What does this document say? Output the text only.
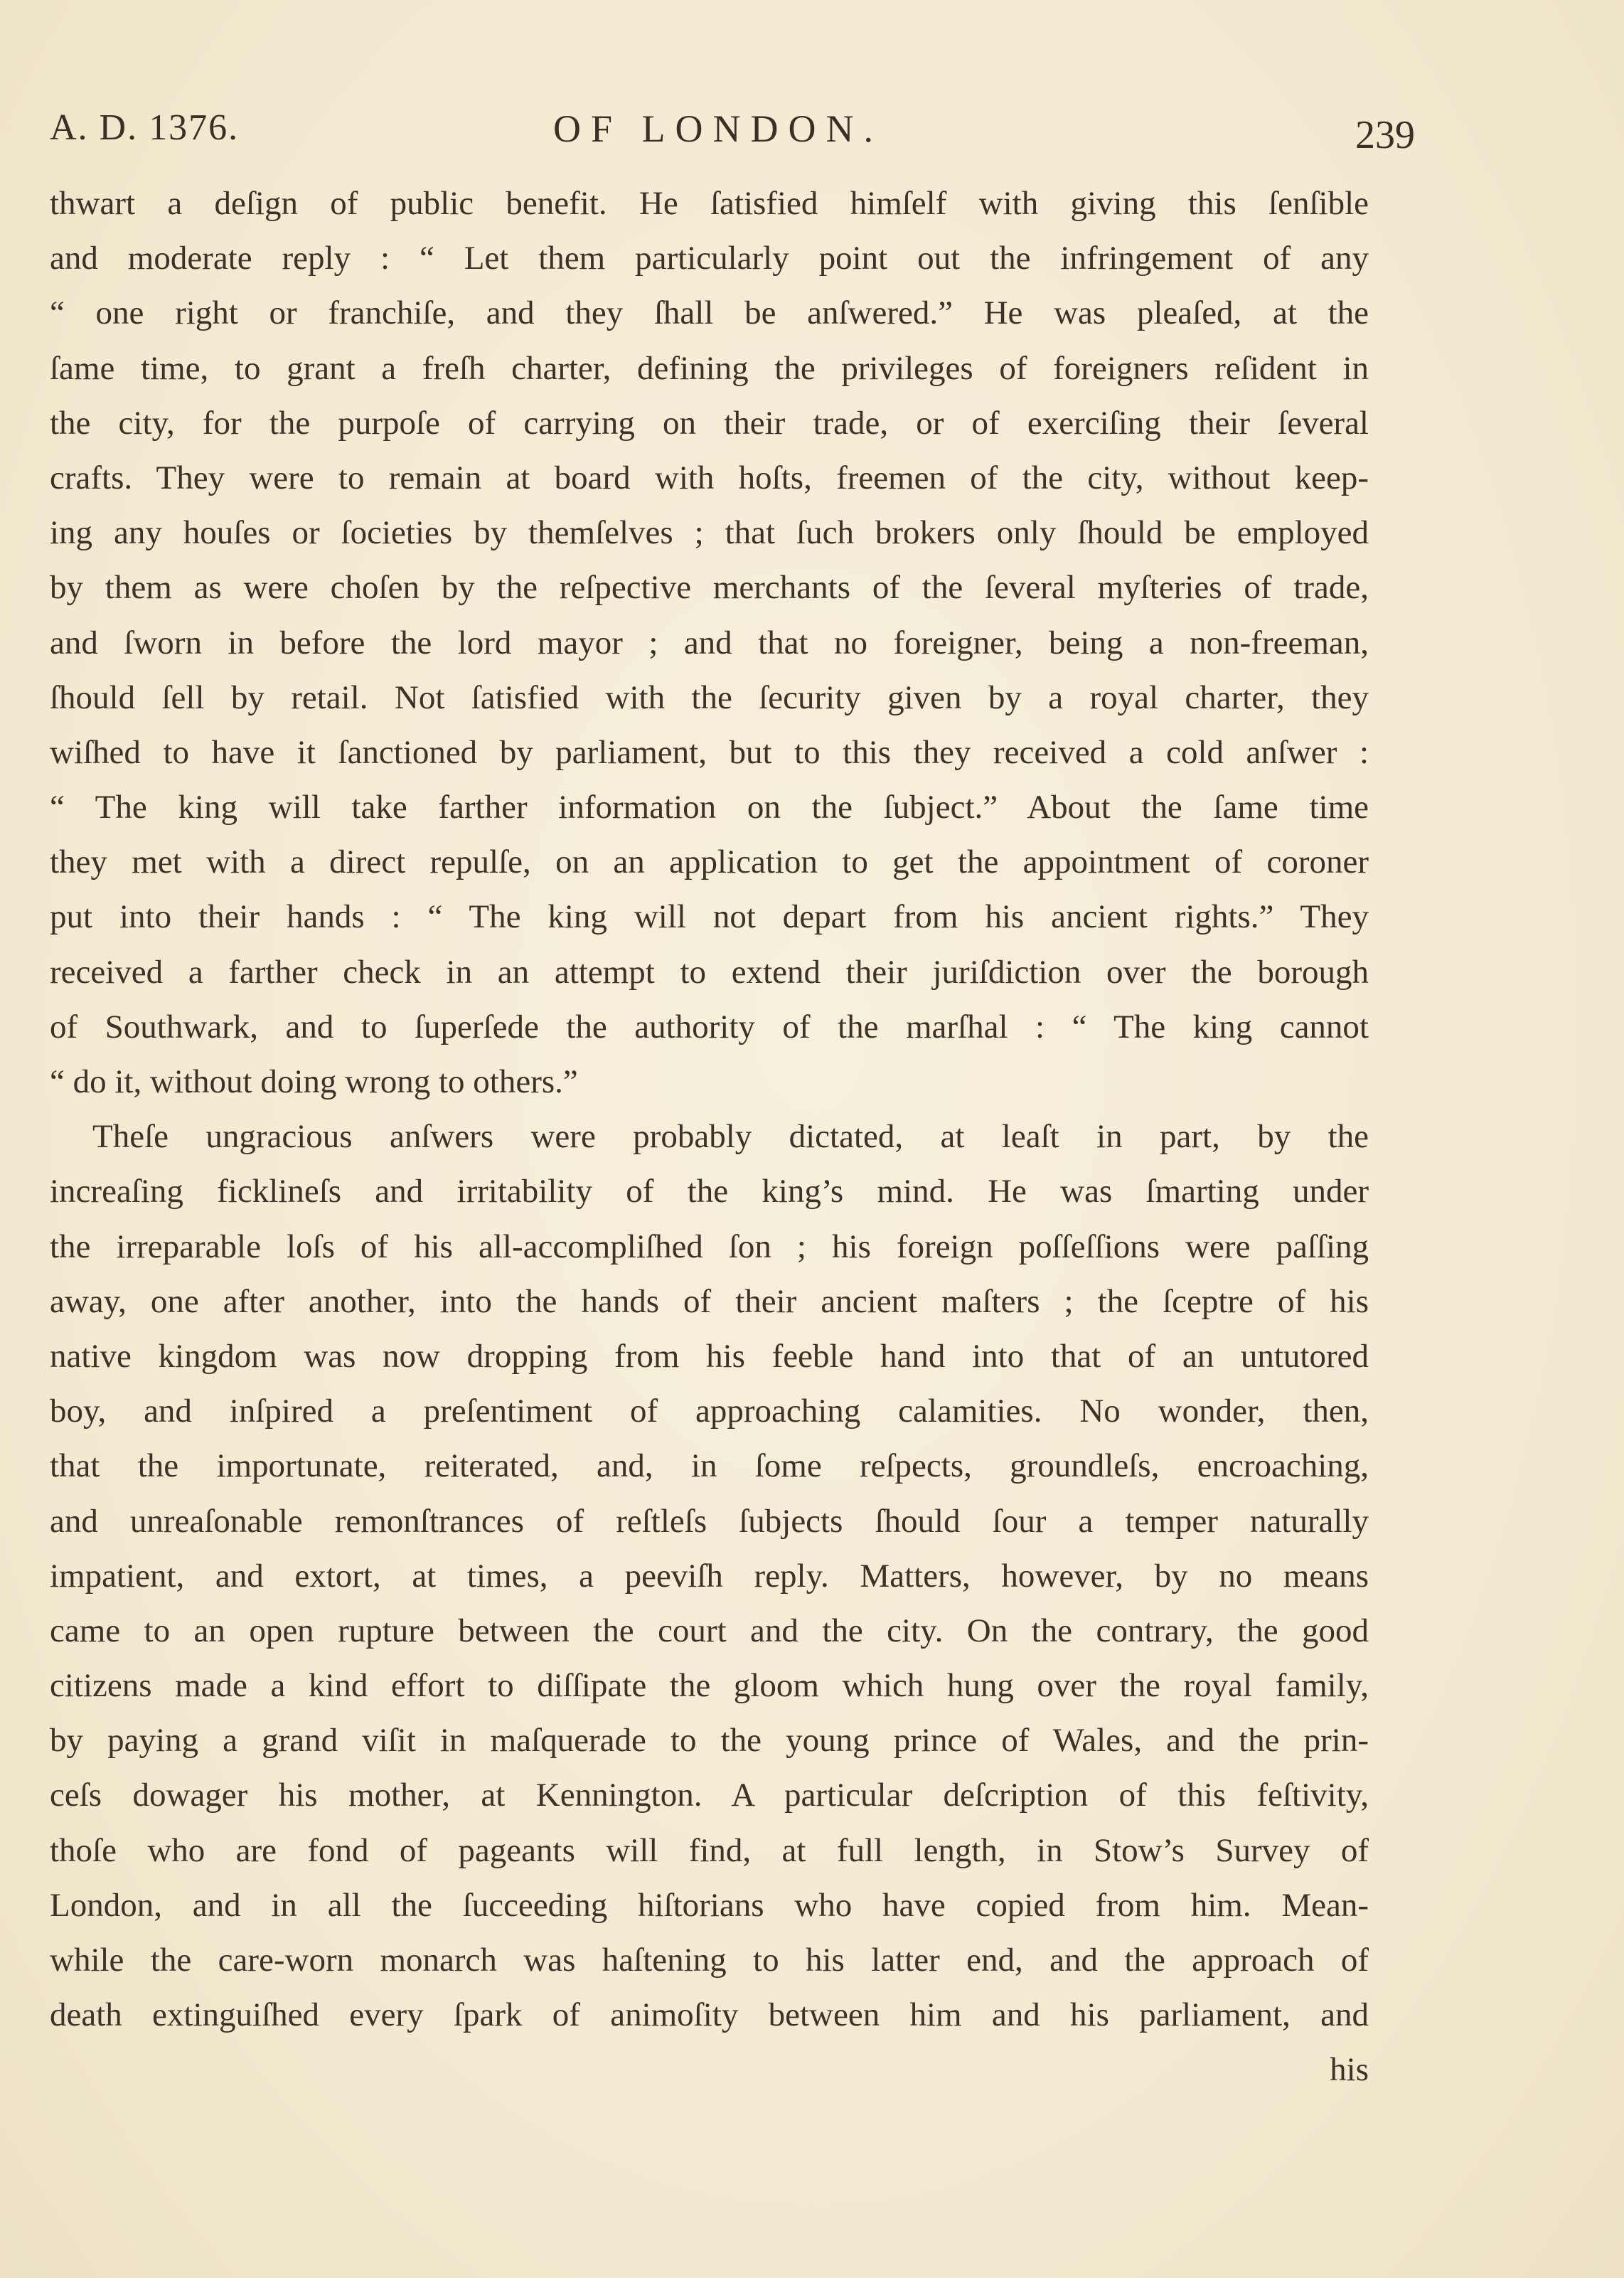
A. D. 1376.	OF LONDON.	239
thwart a deſign of public benefit. He ſatisfied himſelf with giving this ſenſible
and moderate reply : “ Let them particularly point out the infringement of any
“ one right or franchiſe, and they ſhall be anſwered.” He was pleaſed, at the
ſame time, to grant a freſh charter, defining the privileges of foreigners reſident in
the city, for the purpoſe of carrying on their trade, or of exerciſing their ſeveral
crafts. They were to remain at board with hoſts, freemen of the city, without keep-
ing any houſes or ſocieties by themſelves ; that ſuch brokers only ſhould be employed
by them as were choſen by the reſpective merchants of the ſeveral myſteries of trade,
and ſworn in before the lord mayor ; and that no foreigner, being a non-freeman,
ſhould ſell by retail. Not ſatisfied with the ſecurity given by a royal charter, they
wiſhed to have it ſanctioned by parliament, but to this they received a cold anſwer :
“ The king will take farther information on the ſubject.” About the ſame time
they met with a direct repulſe, on an application to get the appointment of coroner
put into their hands : “ The king will not depart from his ancient rights.” They
received a farther check in an attempt to extend their juriſdiction over the borough
of Southwark, and to ſuperſede the authority of the marſhal : “ The king cannot
“ do it, without doing wrong to others.”
Theſe ungracious anſwers were probably dictated, at leaſt in part, by the
increaſing ficklineſs and irritability of the king’s mind. He was ſmarting under
the irreparable loſs of his all-accompliſhed ſon ; his foreign poſſeſſions were paſſing
away, one after another, into the hands of their ancient maſters ; the ſceptre of his
native kingdom was now dropping from his feeble hand into that of an untutored
boy, and inſpired a preſentiment of approaching calamities. No wonder, then,
that the importunate, reiterated, and, in ſome reſpects, groundleſs, encroaching,
and unreaſonable remonſtrances of reſtleſs ſubjects ſhould ſour a temper naturally
impatient, and extort, at times, a peeviſh reply. Matters, however, by no means
came to an open rupture between the court and the city. On the contrary, the good
citizens made a kind effort to diſſipate the gloom which hung over the royal family,
by paying a grand viſit in maſquerade to the young prince of Wales, and the prin-
ceſs dowager his mother, at Kennington. A particular deſcription of this feſtivity,
thoſe who are fond of pageants will find, at full length, in Stow’s Survey of
London, and in all the ſucceeding hiſtorians who have copied from him. Mean-
while the care-worn monarch was haſtening to his latter end, and the approach of
death extinguiſhed every ſpark of animoſity between him and his parliament, and
his
